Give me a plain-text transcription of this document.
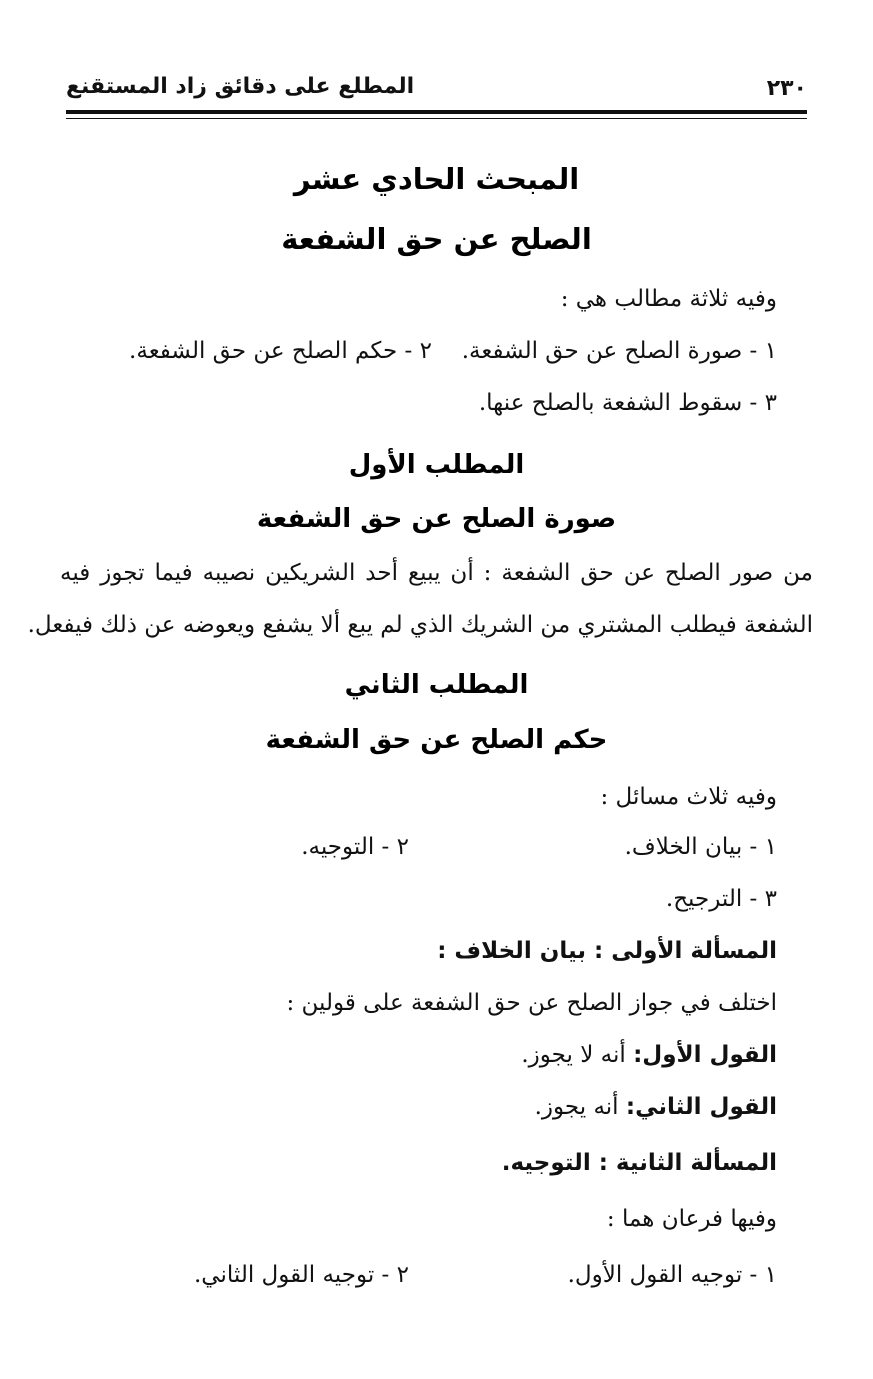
٢٣٠
المطلع على دقائق زاد المستقنع
المبحث الحادي عشر
الصلح عن حق الشفعة
وفيه ثلاثة مطالب هي :
١ - صورة الصلح عن حق الشفعة.
٢ - حكم الصلح عن حق الشفعة.
٣ - سقوط الشفعة بالصلح عنها.
المطلب الأول
صورة الصلح عن حق الشفعة
من صور الصلح عن حق الشفعة : أن يبيع أحد الشريكين نصيبه فيما تجوز فيه
الشفعة فيطلب المشتري من الشريك الذي لم يبع ألا يشفع ويعوضه عن ذلك فيفعل.
المطلب الثاني
حكم الصلح عن حق الشفعة
وفيه ثلاث مسائل :
١ - بيان الخلاف.
٢ - التوجيه.
٣ - الترجيح.
المسألة الأولى : بيان الخلاف :
اختلف في جواز الصلح عن حق الشفعة على قولين :
القول الأول: أنه لا يجوز.
القول الثاني: أنه يجوز.
المسألة الثانية : التوجيه.
وفيها فرعان هما :
١ - توجيه القول الأول.
٢ - توجيه القول الثاني.
